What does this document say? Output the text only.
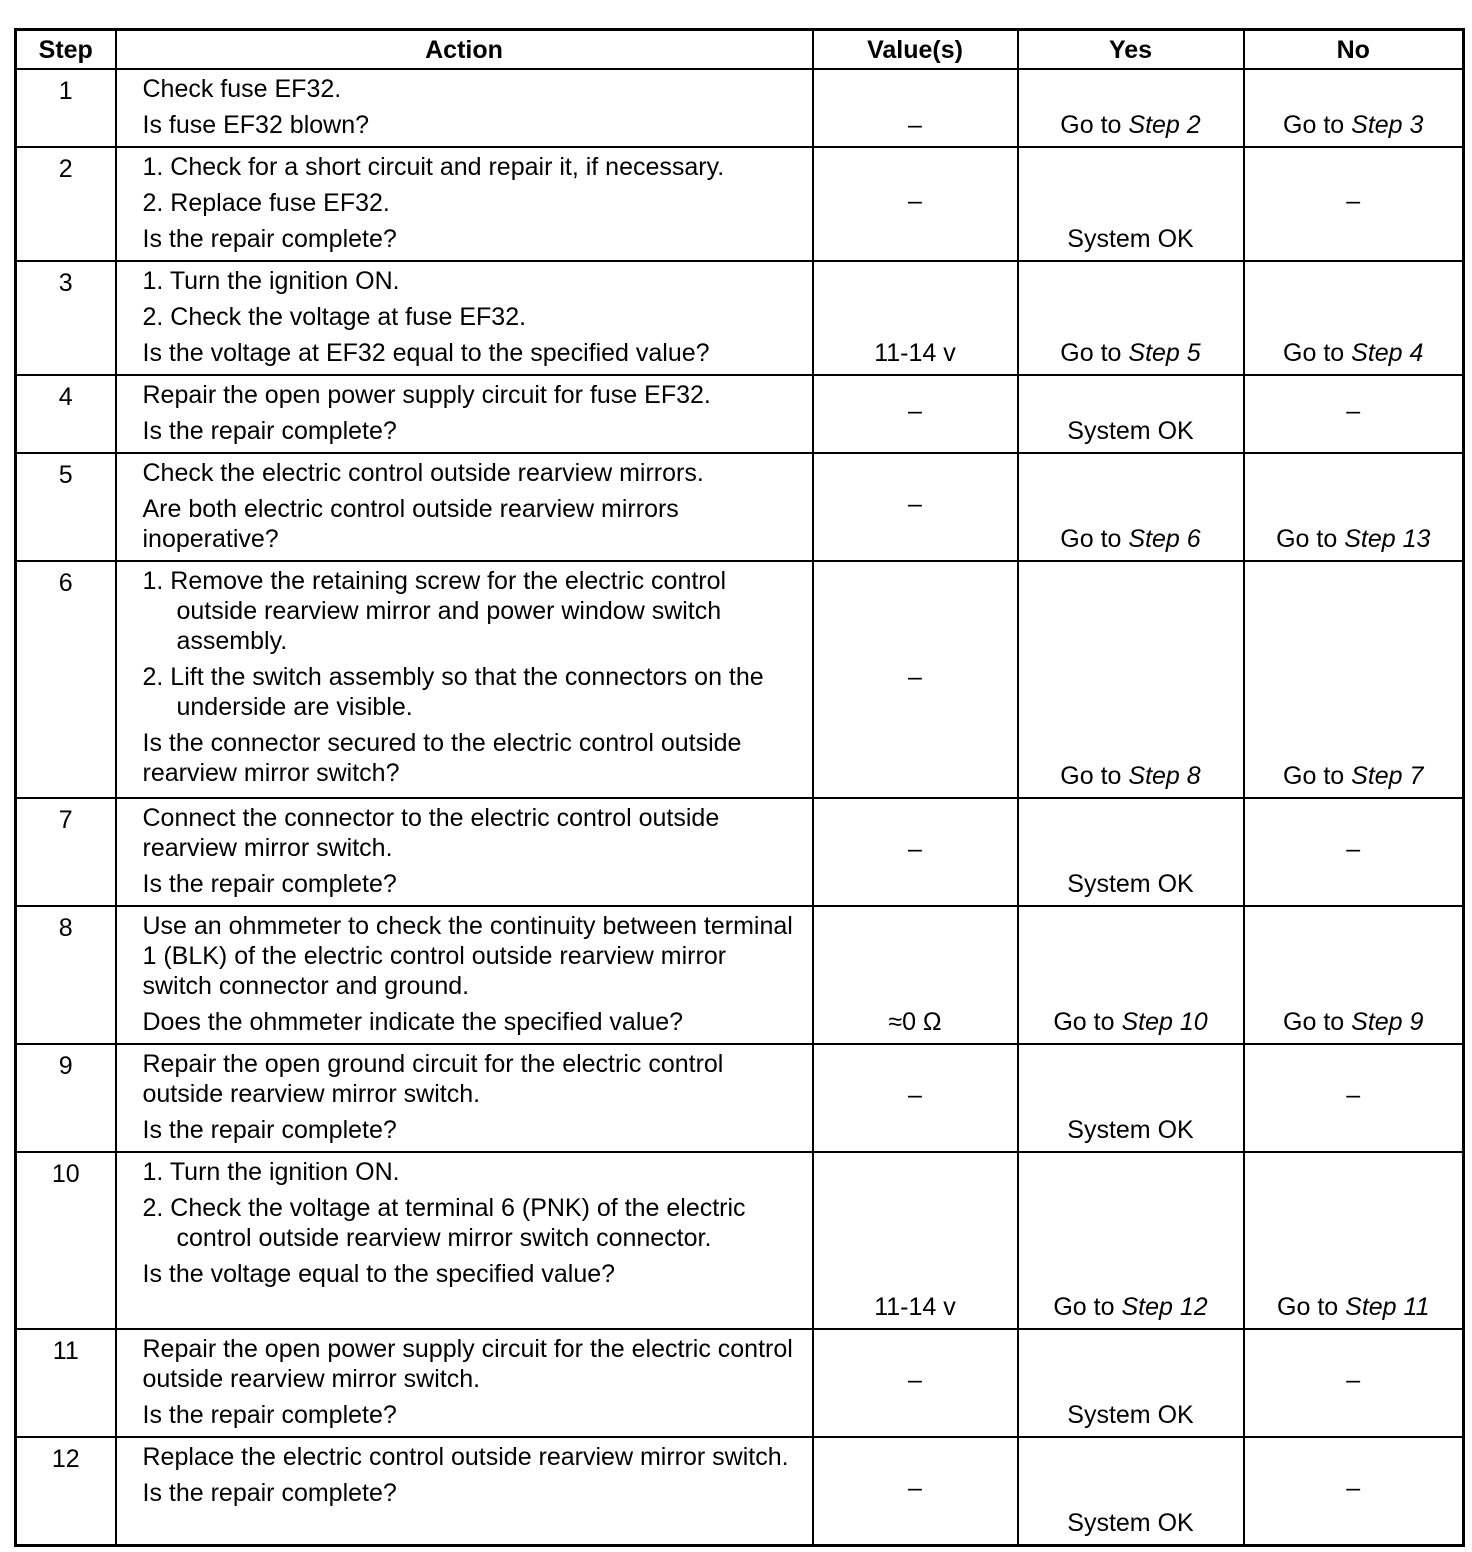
Step	Action	Value(s)	Yes	No
1	Check fuse EF32.
Is fuse EF32 blown?	–	Go to Step 2	Go to Step 3
2	1. Check for a short circuit and repair it, if necessary.
2. Replace fuse EF32.
Is the repair complete?	–	System OK	–
3	1. Turn the ignition ON.
2. Check the voltage at fuse EF32.
Is the voltage at EF32 equal to the specified value?	11-14 v	Go to Step 5	Go to Step 4
4	Repair the open power supply circuit for fuse EF32.
Is the repair complete?	–	System OK	–
5	Check the electric control outside rearview mirrors.
Are both electric control outside rearview mirrors inoperative?	–	Go to Step 6	Go to Step 13
6	1. Remove the retaining screw for the electric control outside rearview mirror and power window switch assembly.
2. Lift the switch assembly so that the connectors on the underside are visible.
Is the connector secured to the electric control outside rearview mirror switch?	–	Go to Step 8	Go to Step 7
7	Connect the connector to the electric control outside rearview mirror switch.
Is the repair complete?	–	System OK	–
8	Use an ohmmeter to check the continuity between terminal 1 (BLK) of the electric control outside rearview mirror switch connector and ground.
Does the ohmmeter indicate the specified value?	≈0 Ω	Go to Step 10	Go to Step 9
9	Repair the open ground circuit for the electric control outside rearview mirror switch.
Is the repair complete?	–	System OK	–
10	1. Turn the ignition ON.
2. Check the voltage at terminal 6 (PNK) of the electric control outside rearview mirror switch connector.
Is the voltage equal to the specified value?	11-14 v	Go to Step 12	Go to Step 11
11	Repair the open power supply circuit for the electric control outside rearview mirror switch.
Is the repair complete?	–	System OK	–
12	Replace the electric control outside rearview mirror switch.
Is the repair complete?	–	System OK	–
